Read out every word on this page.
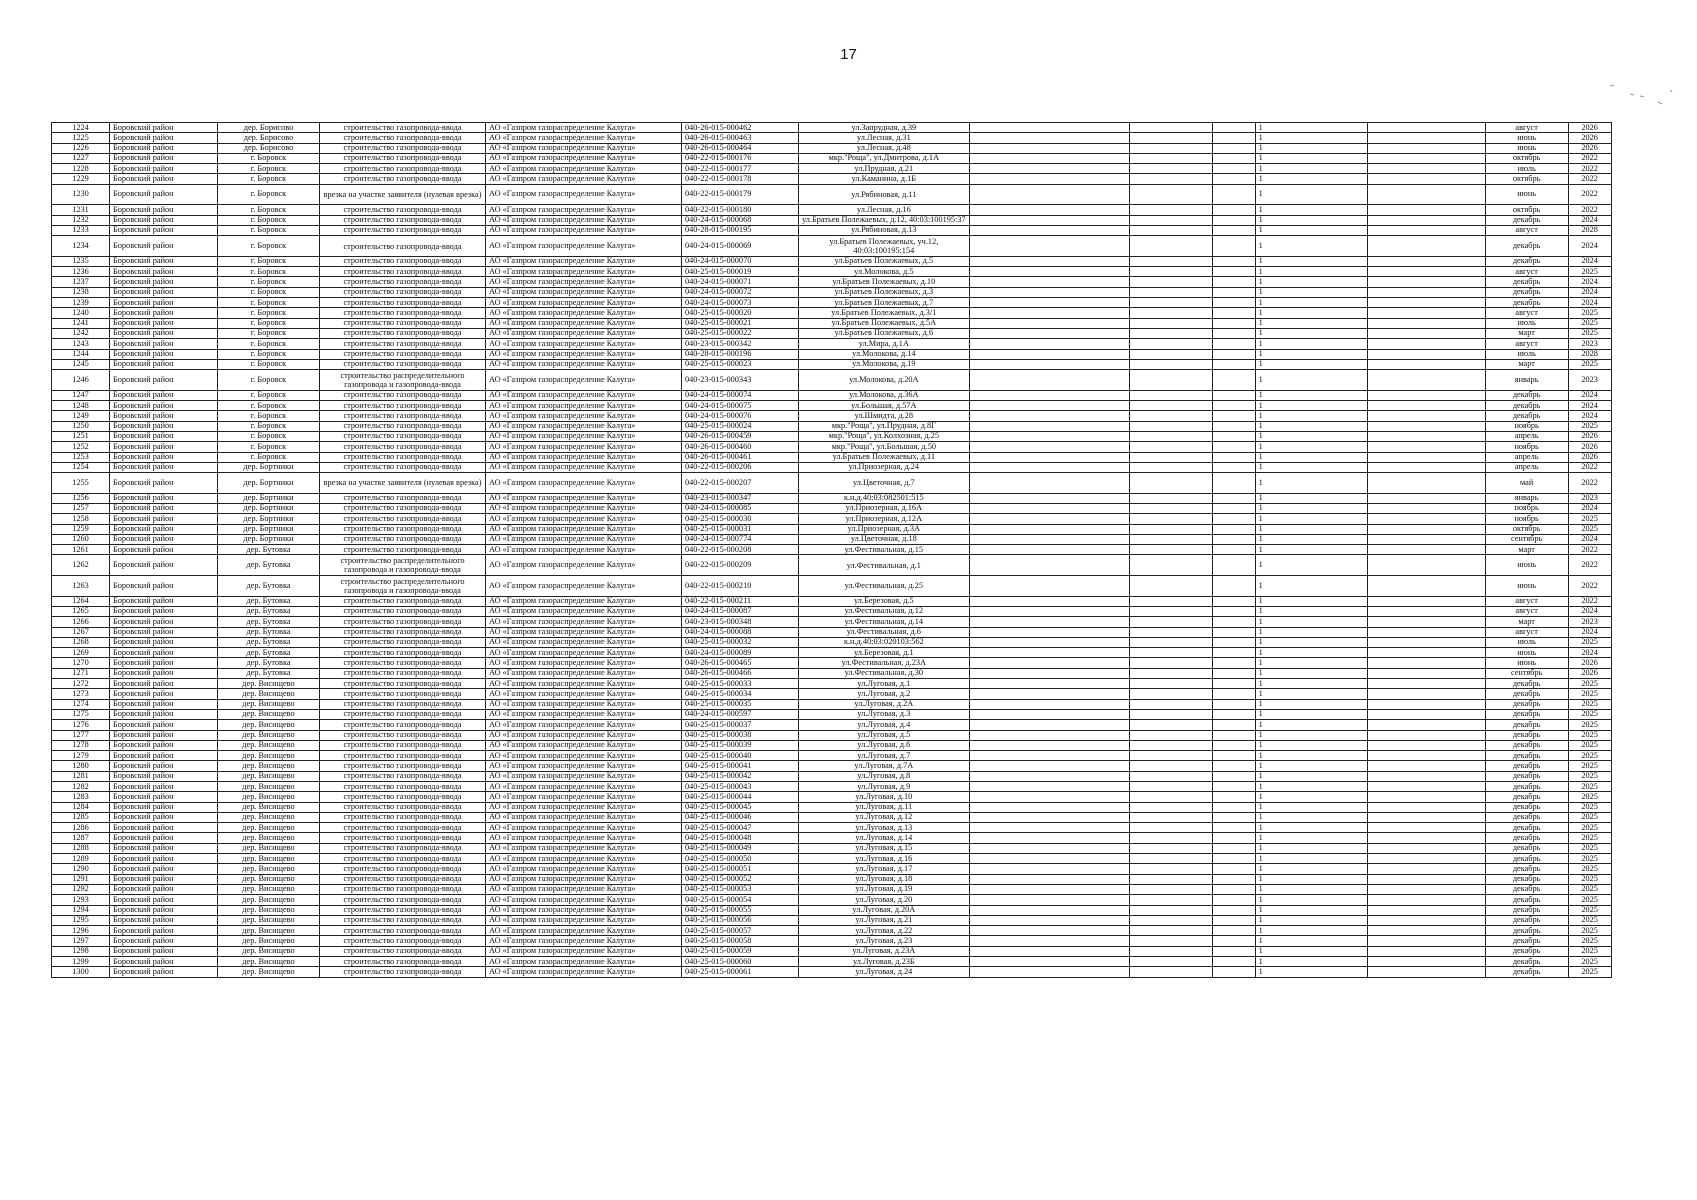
17
1224	Боровский район	дер. Борисово	строительство газопровода-ввода	АО «Газпром газораспределение Калуга»	040-26-015-000462	ул.Запрудная, д.39				1		август	2026
1225	Боровский район	дер. Борисово	строительство газопровода-ввода	АО «Газпром газораспределение Калуга»	040-26-015-000463	ул.Лесная, д.31				1		июнь	2026
1226	Боровский район	дер. Борисово	строительство газопровода-ввода	АО «Газпром газораспределение Калуга»	040-26-015-000464	ул.Лесная, д.48				1		июнь	2026
1227	Боровский район	г. Боровск	строительство газопровода-ввода	АО «Газпром газораспределение Калуга»	040-22-015-000176	мкр."Роща", ул.Дмитрова, д.1А				1		октябрь	2022
1228	Боровский район	г. Боровск	строительство газопровода-ввода	АО «Газпром газораспределение Калуга»	040-22-015-000177	ул.Прудная, д.21				1		июль	2022
1229	Боровский район	г. Боровск	строительство газопровода-ввода	АО «Газпром газораспределение Калуга»	040-22-015-000178	ул.Каманина, д.1Б				1		октябрь	2022
1230	Боровский район	г. Боровск	врезка на участке заявителя (нулевая врезка)	АО «Газпром газораспределение Калуга»	040-22-015-000179	ул.Рябиновая, д.11				1		июнь	2022
1231	Боровский район	г. Боровск	строительство газопровода-ввода	АО «Газпром газораспределение Калуга»	040-22-015-000180	ул.Лесная, д.16				1		октябрь	2022
1232	Боровский район	г. Боровск	строительство газопровода-ввода	АО «Газпром газораспределение Калуга»	040-24-015-000068	ул.Братьев Полежаевых, д.12, 40:03:100195:37				1		декабрь	2024
1233	Боровский район	г. Боровск	строительство газопровода-ввода	АО «Газпром газораспределение Калуга»	040-28-015-000195	ул.Рябиновая, д.13				1		август	2028
1234	Боровский район	г. Боровск	строительство газопровода-ввода	АО «Газпром газораспределение Калуга»	040-24-015-000069	ул.Братьев Полежаевых, уч.12, 40:03:100195:154				1		декабрь	2024
1235	Боровский район	г. Боровск	строительство газопровода-ввода	АО «Газпром газораспределение Калуга»	040-24-015-000070	ул.Братьев Полежаевых, д.5				1		декабрь	2024
1236	Боровский район	г. Боровск	строительство газопровода-ввода	АО «Газпром газораспределение Калуга»	040-25-015-000019	ул.Молокова, д.5				1		август	2025
1237	Боровский район	г. Боровск	строительство газопровода-ввода	АО «Газпром газораспределение Калуга»	040-24-015-000071	ул.Братьев Полежаевых, д.10				1		декабрь	2024
1238	Боровский район	г. Боровск	строительство газопровода-ввода	АО «Газпром газораспределение Калуга»	040-24-015-000072	ул.Братьев Полежаевых, д.3				1		декабрь	2024
1239	Боровский район	г. Боровск	строительство газопровода-ввода	АО «Газпром газораспределение Калуга»	040-24-015-000073	ул.Братьев Полежаевых, д.7				1		декабрь	2024
1240	Боровский район	г. Боровск	строительство газопровода-ввода	АО «Газпром газораспределение Калуга»	040-25-015-000020	ул.Братьев Полежаевых, д.3/1				1		август	2025
1241	Боровский район	г. Боровск	строительство газопровода-ввода	АО «Газпром газораспределение Калуга»	040-25-015-000021	ул.Братьев Полежаевых, д.5А				1		июль	2025
1242	Боровский район	г. Боровск	строительство газопровода-ввода	АО «Газпром газораспределение Калуга»	040-25-015-000022	ул.Братьев Полежаевых, д.6				1		март	2025
1243	Боровский район	г. Боровск	строительство газопровода-ввода	АО «Газпром газораспределение Калуга»	040-23-015-000342	ул.Мира, д.1А				1		август	2023
1244	Боровский район	г. Боровск	строительство газопровода-ввода	АО «Газпром газораспределение Калуга»	040-28-015-000196	ул.Молокова, д.14				1		июль	2028
1245	Боровский район	г. Боровск	строительство газопровода-ввода	АО «Газпром газораспределение Калуга»	040-25-015-000023	ул.Молокова, д.19				1		март	2025
1246	Боровский район	г. Боровск	строительство распределительного газопровода и газопровода-ввода	АО «Газпром газораспределение Калуга»	040-23-015-000343	ул.Молокова, д.20А				1		январь	2023
1247	Боровский район	г. Боровск	строительство газопровода-ввода	АО «Газпром газораспределение Калуга»	040-24-015-000074	ул.Молокова, д.36А				1		декабрь	2024
1248	Боровский район	г. Боровск	строительство газопровода-ввода	АО «Газпром газораспределение Калуга»	040-24-015-000075	ул.Большая, д.57А				1		декабрь	2024
1249	Боровский район	г. Боровск	строительство газопровода-ввода	АО «Газпром газораспределение Калуга»	040-24-015-000076	ул.Шмидта, д.28				1		декабрь	2024
1250	Боровский район	г. Боровск	строительство газопровода-ввода	АО «Газпром газораспределение Калуга»	040-25-015-000024	мкр."Роща", ул.Прудная, д.8Г				1		ноябрь	2025
1251	Боровский район	г. Боровск	строительство газопровода-ввода	АО «Газпром газораспределение Калуга»	040-26-015-000459	мкр."Роща", ул.Колхозная, д.25				1		апрель	2026
1252	Боровский район	г. Боровск	строительство газопровода-ввода	АО «Газпром газораспределение Калуга»	040-26-015-000460	мкр."Роща", ул.Большая, д.50				1		ноябрь	2026
1253	Боровский район	г. Боровск	строительство газопровода-ввода	АО «Газпром газораспределение Калуга»	040-26-015-000461	ул.Братьев Полежаевых, д.11				1		апрель	2026
1254	Боровский район	дер. Бортники	строительство газопровода-ввода	АО «Газпром газораспределение Калуга»	040-22-015-000206	ул.Приозерная, д.24				1		апрель	2022
1255	Боровский район	дер. Бортники	врезка на участке заявителя (нулевая врезка)	АО «Газпром газораспределение Калуга»	040-22-015-000207	ул.Цветочная, д.7				1		май	2022
1256	Боровский район	дер. Бортники	строительство газопровода-ввода	АО «Газпром газораспределение Калуга»	040-23-015-000347	к.н.д.40:03:082501:515				1		январь	2023
1257	Боровский район	дер. Бортники	строительство газопровода-ввода	АО «Газпром газораспределение Калуга»	040-24-015-000085	ул.Приозерная, д.16А				1		ноябрь	2024
1258	Боровский район	дер. Бортники	строительство газопровода-ввода	АО «Газпром газораспределение Калуга»	040-25-015-000030	ул.Приозерная, д.12А				1		ноябрь	2025
1259	Боровский район	дер. Бортники	строительство газопровода-ввода	АО «Газпром газораспределение Калуга»	040-25-015-000031	ул.Приозерная, д.3А				1		октябрь	2025
1260	Боровский район	дер. Бортники	строительство газопровода-ввода	АО «Газпром газораспределение Калуга»	040-24-015-000774	ул.Цветочная, д.18				1		сентябрь	2024
1261	Боровский район	дер. Бутовка	строительство газопровода-ввода	АО «Газпром газораспределение Калуга»	040-22-015-000208	ул.Фестивальная, д.15				1		март	2022
1262	Боровский район	дер. Бутовка	строительство распределительного газопровода и газопровода-ввода	АО «Газпром газораспределение Калуга»	040-22-015-000209	ул.Фестивальная, д.1				1		июнь	2022
1263	Боровский район	дер. Бутовка	строительство распределительного газопровода и газопровода-ввода	АО «Газпром газораспределение Калуга»	040-22-015-000210	ул.Фестивальная, д.25				1		июнь	2022
1264	Боровский район	дер. Бутовка	строительство газопровода-ввода	АО «Газпром газораспределение Калуга»	040-22-015-000211	ул.Березовая, д.5				1		август	2022
1265	Боровский район	дер. Бутовка	строительство газопровода-ввода	АО «Газпром газораспределение Калуга»	040-24-015-000087	ул.Фестивальная, д.12				1		август	2024
1266	Боровский район	дер. Бутовка	строительство газопровода-ввода	АО «Газпром газораспределение Калуга»	040-23-015-000348	ул.Фестивальная, д.14				1		март	2023
1267	Боровский район	дер. Бутовка	строительство газопровода-ввода	АО «Газпром газораспределение Калуга»	040-24-015-000088	ул.Фестивальная, д.6				1		август	2024
1268	Боровский район	дер. Бутовка	строительство газопровода-ввода	АО «Газпром газораспределение Калуга»	040-25-015-000032	к.н.д.40:03:020103:562				1		июль	2025
1269	Боровский район	дер. Бутовка	строительство газопровода-ввода	АО «Газпром газораспределение Калуга»	040-24-015-000089	ул.Березовая, д.1				1		июнь	2024
1270	Боровский район	дер. Бутовка	строительство газопровода-ввода	АО «Газпром газораспределение Калуга»	040-26-015-000465	ул.Фестивальная, д.23А				1		июнь	2026
1271	Боровский район	дер. Бутовка	строительство газопровода-ввода	АО «Газпром газораспределение Калуга»	040-26-015-000466	ул.Фестивальная, д.30				1		сентябрь	2026
1272	Боровский район	дер. Висищево	строительство газопровода-ввода	АО «Газпром газораспределение Калуга»	040-25-015-000033	ул.Луговая, д.1				1		декабрь	2025
1273	Боровский район	дер. Висищево	строительство газопровода-ввода	АО «Газпром газораспределение Калуга»	040-25-015-000034	ул.Луговая, д.2				1		декабрь	2025
1274	Боровский район	дер. Висищево	строительство газопровода-ввода	АО «Газпром газораспределение Калуга»	040-25-015-000035	ул.Луговая, д.2А				1		декабрь	2025
1275	Боровский район	дер. Висищево	строительство газопровода-ввода	АО «Газпром газораспределение Калуга»	040-24-015-000597	ул.Луговая, д.3				1		декабрь	2025
1276	Боровский район	дер. Висищево	строительство газопровода-ввода	АО «Газпром газораспределение Калуга»	040-25-015-000037	ул.Луговая, д.4				1		декабрь	2025
1277	Боровский район	дер. Висищево	строительство газопровода-ввода	АО «Газпром газораспределение Калуга»	040-25-015-000038	ул.Луговая, д.5				1		декабрь	2025
1278	Боровский район	дер. Висищево	строительство газопровода-ввода	АО «Газпром газораспределение Калуга»	040-25-015-000039	ул.Луговая, д.6				1		декабрь	2025
1279	Боровский район	дер. Висищево	строительство газопровода-ввода	АО «Газпром газораспределение Калуга»	040-25-015-000040	ул.Луговая, д.7				1		декабрь	2025
1280	Боровский район	дер. Висищево	строительство газопровода-ввода	АО «Газпром газораспределение Калуга»	040-25-015-000041	ул.Луговая, д.7А				1		декабрь	2025
1281	Боровский район	дер. Висищево	строительство газопровода-ввода	АО «Газпром газораспределение Калуга»	040-25-015-000042	ул.Луговая, д.8				1		декабрь	2025
1282	Боровский район	дер. Висищево	строительство газопровода-ввода	АО «Газпром газораспределение Калуга»	040-25-015-000043	ул.Луговая, д.9				1		декабрь	2025
1283	Боровский район	дер. Висищево	строительство газопровода-ввода	АО «Газпром газораспределение Калуга»	040-25-015-000044	ул.Луговая, д.10				1		декабрь	2025
1284	Боровский район	дер. Висищево	строительство газопровода-ввода	АО «Газпром газораспределение Калуга»	040-25-015-000045	ул.Луговая, д.11				1		декабрь	2025
1285	Боровский район	дер. Висищево	строительство газопровода-ввода	АО «Газпром газораспределение Калуга»	040-25-015-000046	ул.Луговая, д.12				1		декабрь	2025
1286	Боровский район	дер. Висищево	строительство газопровода-ввода	АО «Газпром газораспределение Калуга»	040-25-015-000047	ул.Луговая, д.13				1		декабрь	2025
1287	Боровский район	дер. Висищево	строительство газопровода-ввода	АО «Газпром газораспределение Калуга»	040-25-015-000048	ул.Луговая, д.14				1		декабрь	2025
1288	Боровский район	дер. Висищево	строительство газопровода-ввода	АО «Газпром газораспределение Калуга»	040-25-015-000049	ул.Луговая, д.15				1		декабрь	2025
1289	Боровский район	дер. Висищево	строительство газопровода-ввода	АО «Газпром газораспределение Калуга»	040-25-015-000050	ул.Луговая, д.16				1		декабрь	2025
1290	Боровский район	дер. Висищево	строительство газопровода-ввода	АО «Газпром газораспределение Калуга»	040-25-015-000051	ул.Луговая, д.17				1		декабрь	2025
1291	Боровский район	дер. Висищево	строительство газопровода-ввода	АО «Газпром газораспределение Калуга»	040-25-015-000052	ул.Луговая, д.18				1		декабрь	2025
1292	Боровский район	дер. Висищево	строительство газопровода-ввода	АО «Газпром газораспределение Калуга»	040-25-015-000053	ул.Луговая, д.19				1		декабрь	2025
1293	Боровский район	дер. Висищево	строительство газопровода-ввода	АО «Газпром газораспределение Калуга»	040-25-015-000054	ул.Луговая, д.20				1		декабрь	2025
1294	Боровский район	дер. Висищево	строительство газопровода-ввода	АО «Газпром газораспределение Калуга»	040-25-015-000055	ул.Луговая, д.20А				1		декабрь	2025
1295	Боровский район	дер. Висищево	строительство газопровода-ввода	АО «Газпром газораспределение Калуга»	040-25-015-000056	ул.Луговая, д.21				1		декабрь	2025
1296	Боровский район	дер. Висищево	строительство газопровода-ввода	АО «Газпром газораспределение Калуга»	040-25-015-000057	ул.Луговая, д.22				1		декабрь	2025
1297	Боровский район	дер. Висищево	строительство газопровода-ввода	АО «Газпром газораспределение Калуга»	040-25-015-000058	ул.Луговая, д.23				1		декабрь	2025
1298	Боровский район	дер. Висищево	строительство газопровода-ввода	АО «Газпром газораспределение Калуга»	040-25-015-000059	ул.Луговая, д.23А				1		декабрь	2025
1299	Боровский район	дер. Висищево	строительство газопровода-ввода	АО «Газпром газораспределение Калуга»	040-25-015-000060	ул.Луговая, д.23Б				1		декабрь	2025
1300	Боровский район	дер. Висищево	строительство газопровода-ввода	АО «Газпром газораспределение Калуга»	040-25-015-000061	ул.Луговая, д.24				1		декабрь	2025
